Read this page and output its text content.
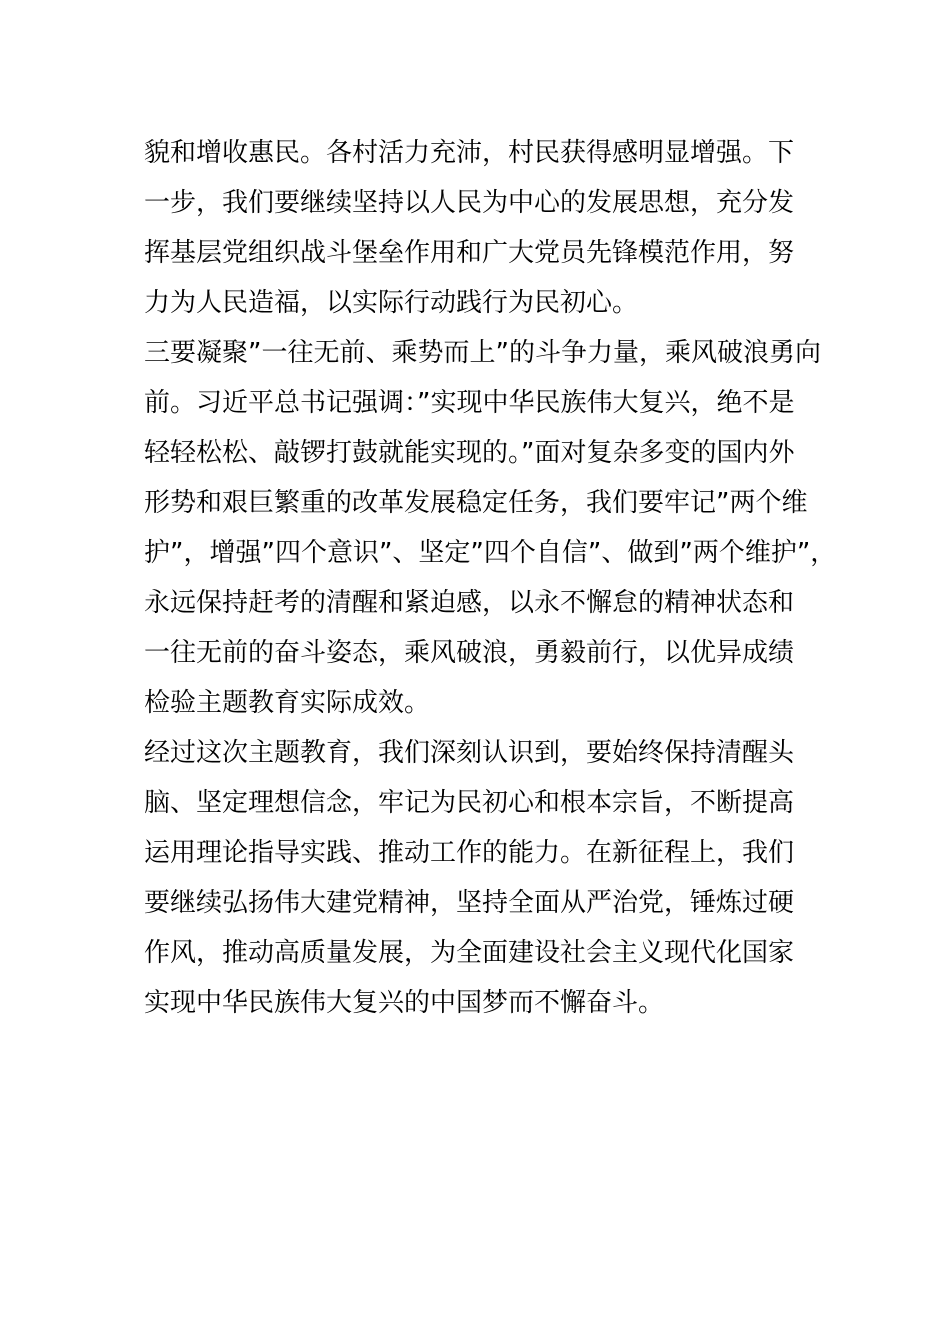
貌和增收惠民。各村活力充沛，村民获得感明显增强。下
一步，我们要继续坚持以人民为中心的发展思想，充分发
挥基层党组织战斗堡垒作用和广大党员先锋模范作用，努
力为人民造福，以实际行动践行为民初心。

三要凝聚”一往无前、乘势而上”的斗争力量，乘风破浪勇向
前。习近平总书记强调：”实现中华民族伟大复兴，绝不是
轻轻松松、敲锣打鼓就能实现的。”面对复杂多变的国内外
形势和艰巨繁重的改革发展稳定任务，我们要牢记”两个维
护”，增强”四个意识”、坚定”四个自信”、做到”两个维护”，
永远保持赶考的清醒和紧迫感，以永不懈怠的精神状态和
一往无前的奋斗姿态，乘风破浪，勇毅前行，以优异成绩
检验主题教育实际成效。

经过这次主题教育，我们深刻认识到，要始终保持清醒头
脑、坚定理想信念，牢记为民初心和根本宗旨，不断提高
运用理论指导实践、推动工作的能力。在新征程上，我们
要继续弘扬伟大建党精神，坚持全面从严治党，锤炼过硬
作风，推动高质量发展，为全面建设社会主义现代化国家
实现中华民族伟大复兴的中国梦而不懈奋斗。
